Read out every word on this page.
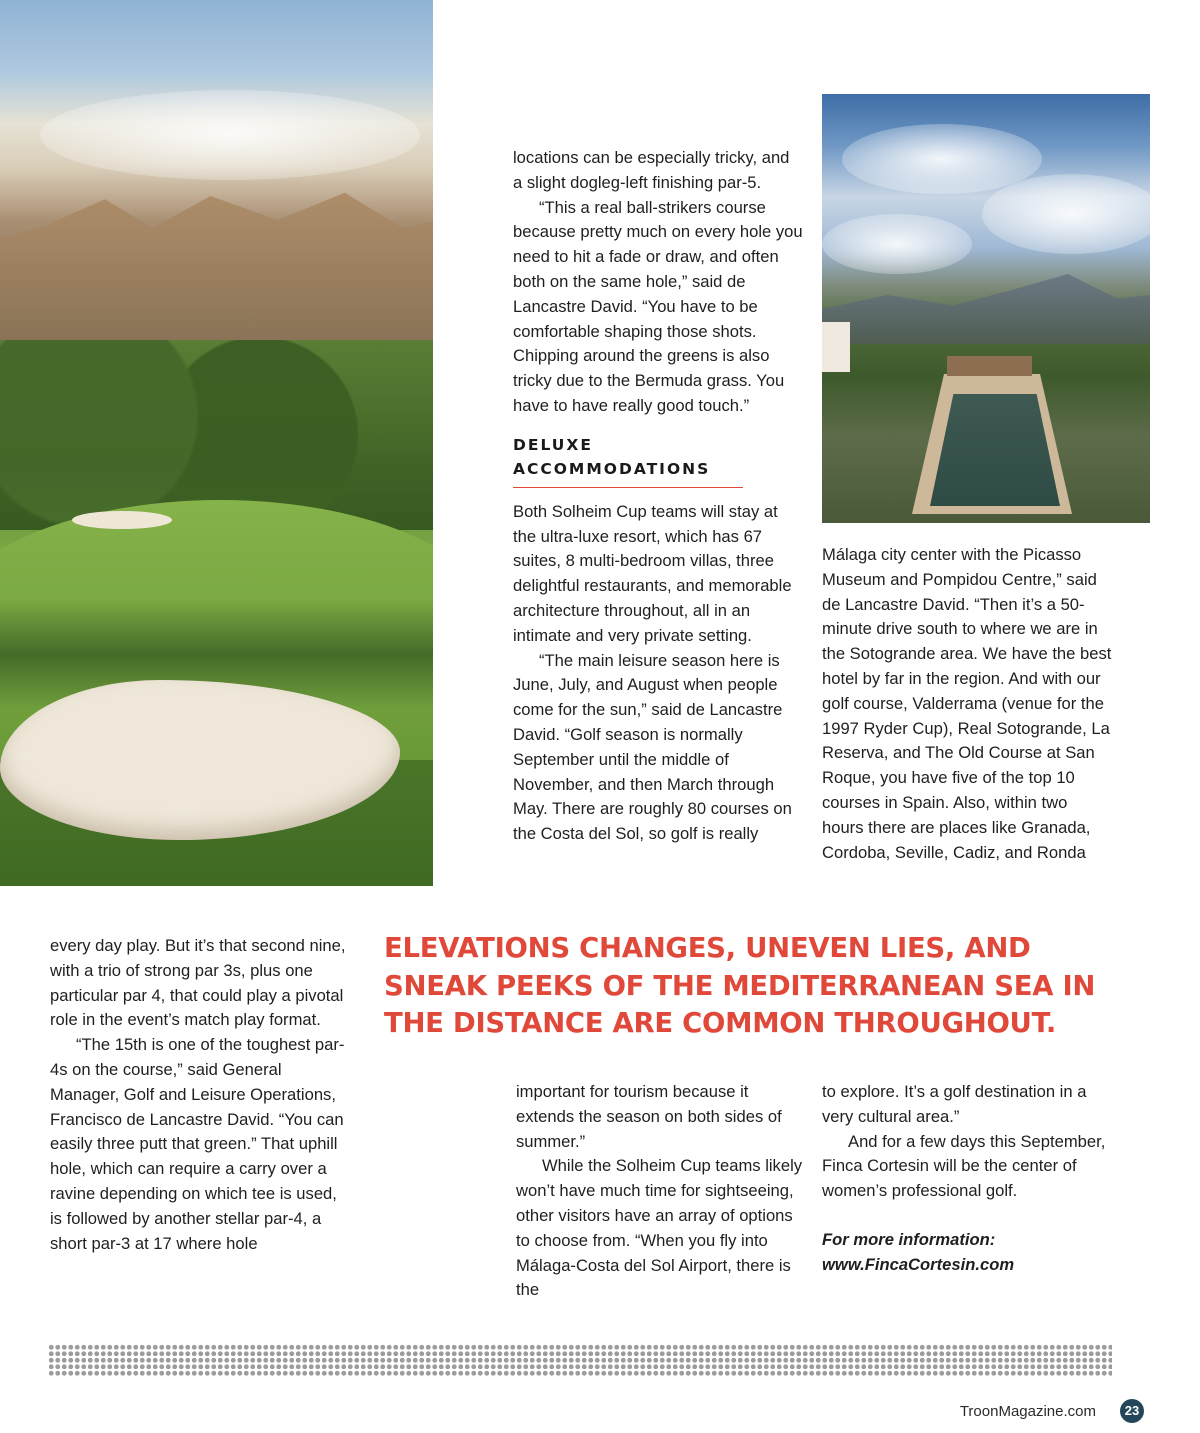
locations can be especially tricky, and a slight dogleg-left finishing par-5.

“This a real ball-strikers course because pretty much on every hole you need to hit a fade or draw, and often both on the same hole,” said de Lancastre David. “You have to be comfortable shaping those shots. Chipping around the greens is also tricky due to the Bermuda grass. You have to have really good touch.”

DELUXE ACCOMMODATIONS

Both Solheim Cup teams will stay at the ultra-luxe resort, which has 67 suites, 8 multi-bedroom villas, three delightful restaurants, and memorable architecture throughout, all in an intimate and very private setting.

“The main leisure season here is June, July, and August when people come for the sun,” said de Lancastre David. “Golf season is normally September until the middle of November, and then March through May. There are roughly 80 courses on the Costa del Sol, so golf is really

Málaga city center with the Picasso Museum and Pompidou Centre,” said de Lancastre David. “Then it’s a 50-minute drive south to where we are in the Sotogrande area. We have the best hotel by far in the region. And with our golf course, Valderrama (venue for the 1997 Ryder Cup), Real Sotogrande, La Reserva, and The Old Course at San Roque, you have five of the top 10 courses in Spain. Also, within two hours there are places like Granada, Cordoba, Seville, Cadiz, and Ronda

ELEVATIONS CHANGES, UNEVEN LIES, AND SNEAK PEEKS OF THE MEDITERRANEAN SEA IN THE DISTANCE ARE COMMON THROUGHOUT.

every day play. But it’s that second nine, with a trio of strong par 3s, plus one particular par 4, that could play a pivotal role in the event’s match play format.

“The 15th is one of the toughest par-4s on the course,” said General Manager, Golf and Leisure Operations, Francisco de Lancastre David. “You can easily three putt that green.” That uphill hole, which can require a carry over a ravine depending on which tee is used, is followed by another stellar par-4, a short par-3 at 17 where hole

important for tourism because it extends the season on both sides of summer.”

While the Solheim Cup teams likely won’t have much time for sightseeing, other visitors have an array of options to choose from. “When you fly into Málaga-Costa del Sol Airport, there is the

to explore. It’s a golf destination in a very cultural area.”

And for a few days this September, Finca Cortesin will be the center of women’s professional golf.

For more information:

www.FincaCortesin.com

TroonMagazine.com	23
